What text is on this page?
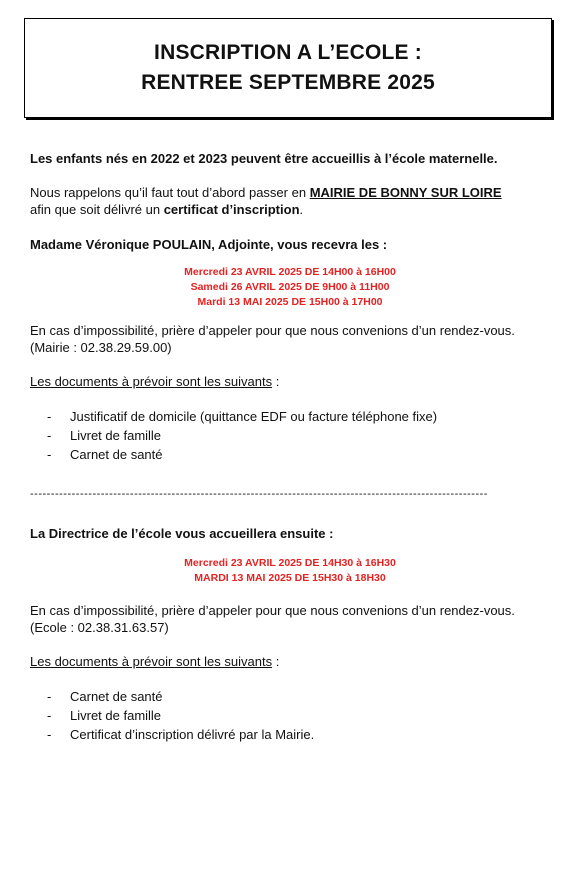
INSCRIPTION A L’ECOLE :
RENTREE SEPTEMBRE 2025

Les enfants nés en 2022 et 2023 peuvent être accueillis à l’école maternelle.

Nous rappelons qu’il faut tout d’abord passer en MAIRIE DE BONNY SUR LOIRE
afin que soit délivré un certificat d’inscription.

Madame Véronique POULAIN, Adjointe, vous recevra les :

Mercredi 23 AVRIL 2025 DE 14H00 à 16H00
Samedi 26 AVRIL 2025 DE 9H00 à 11H00
Mardi 13 MAI 2025 DE 15H00 à 17H00

En cas d’impossibilité, prière d’appeler pour que nous convenions d’un rendez-vous. (Mairie : 02.38.29.59.00)

Les documents à prévoir sont les suivants :

- Justificatif de domicile (quittance EDF ou facture téléphone fixe)
- Livret de famille
- Carnet de santé
--------------------------------------------------------------------------------------------------------------

La Directrice de l’école vous accueillera ensuite :

Mercredi 23 AVRIL 2025 DE 14H30 à 16H30
MARDI 13 MAI 2025 DE 15H30 à 18H30

En cas d’impossibilité, prière d’appeler pour que nous convenions d’un rendez-vous. (Ecole : 02.38.31.63.57)

Les documents à prévoir sont les suivants :

- Carnet de santé
- Livret de famille
- Certificat d’inscription délivré par la Mairie.
